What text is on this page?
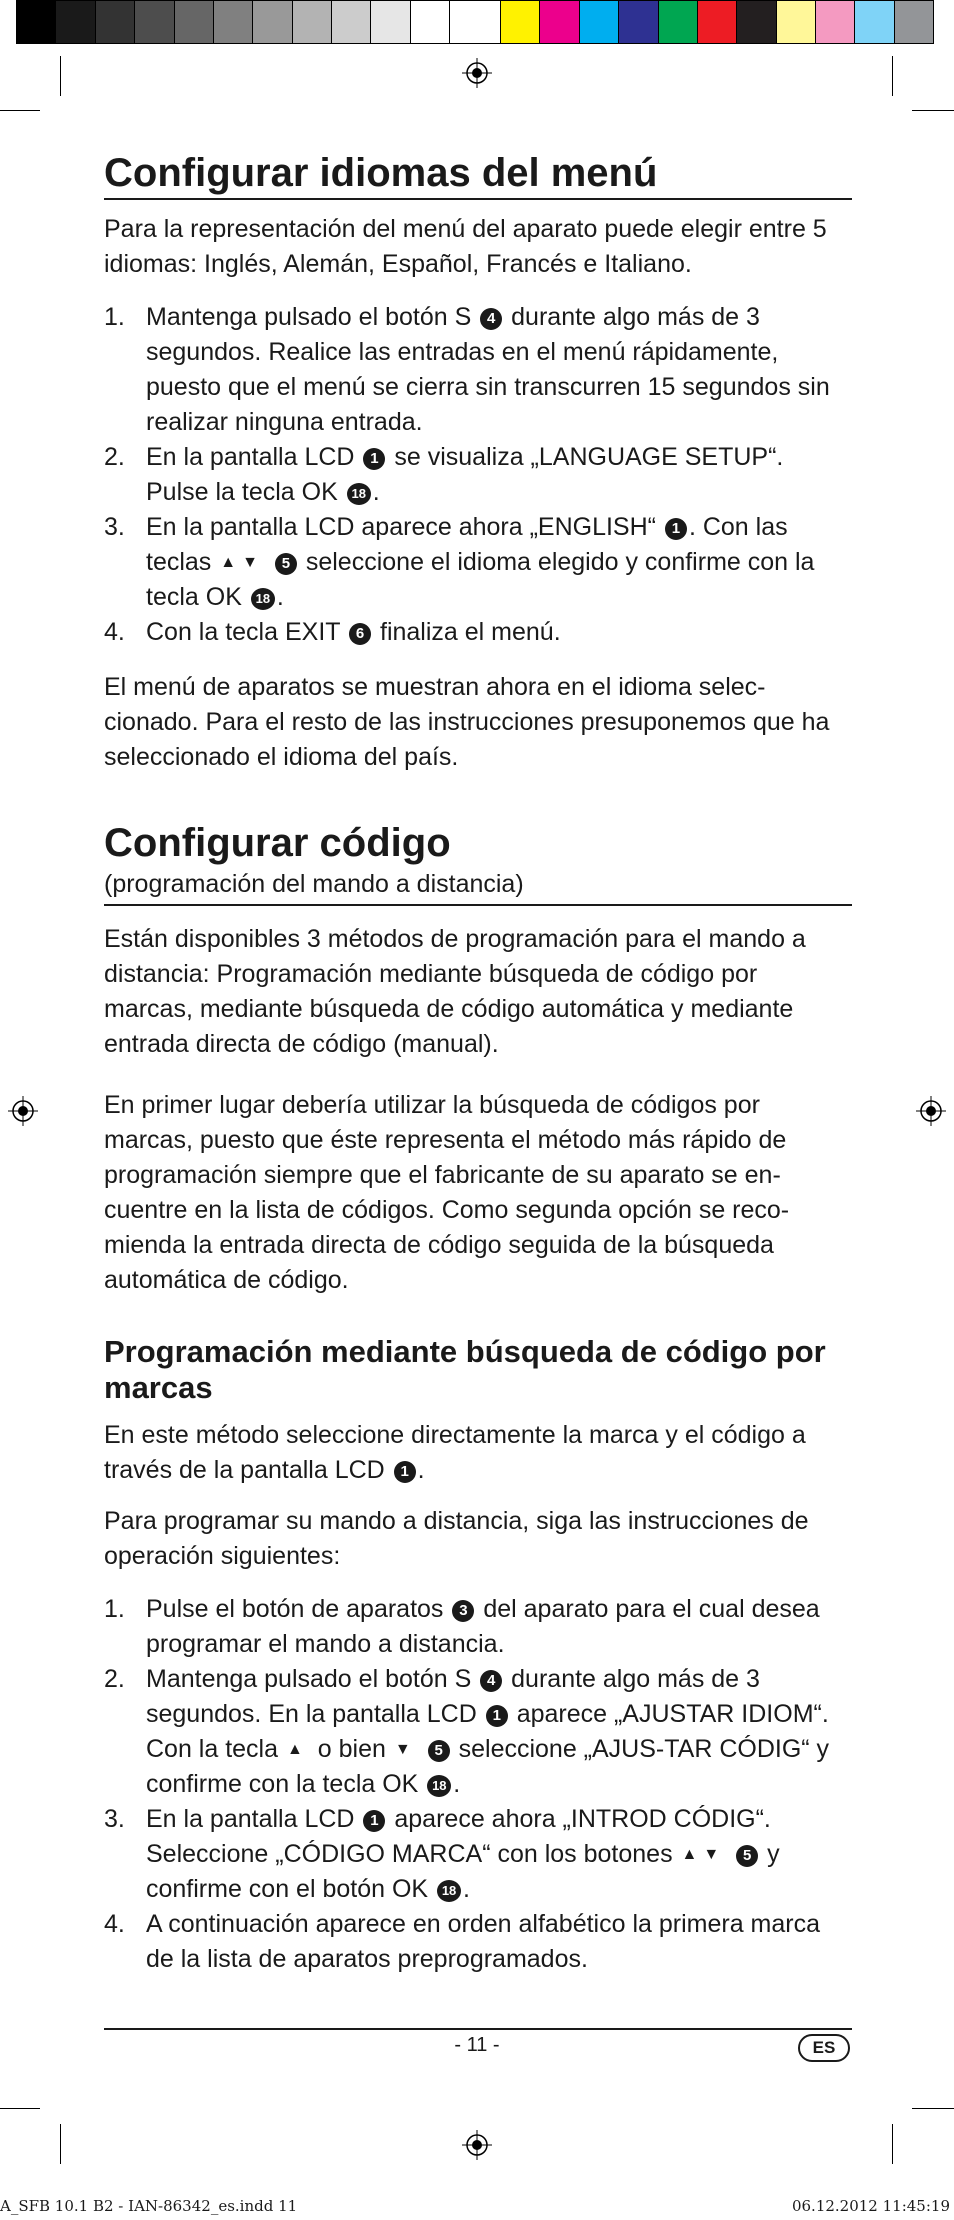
Configurar idiomas del menú

Para la representación del menú del aparato puede elegir entre 5 idiomas: Inglés, Alemán, Español, Francés e Italiano.

1. Mantenga pulsado el botón S 4 durante algo más de 3 segundos. Realice las entradas en el menú rápidamente, puesto que el menú se cierra sin transcurren 15 segundos sin realizar ninguna entrada.
2. En la pantalla LCD 1 se visualiza „LANGUAGE SETUP“. Pulse la tecla OK 18 .
3. En la pantalla LCD aparece ahora „ENGLISH“ 1 . Con las teclas ▲▼ 5 seleccione el idioma elegido y confirme con la tecla OK 18 .
4. Con la tecla EXIT 6 finaliza el menú.

El menú de aparatos se muestran ahora en el idioma selec-cionado. Para el resto de las instrucciones presuponemos que ha seleccionado el idioma del país.

Configurar código

(programación del mando a distancia)

Están disponibles 3 métodos de programación para el mando a distancia: Programación mediante búsqueda de código por marcas, mediante búsqueda de código automática y mediante entrada directa de código (manual).

En primer lugar debería utilizar la búsqueda de códigos por marcas, puesto que éste representa el método más rápido de programación siempre que el fabricante de su aparato se en-cuentre en la lista de códigos. Como segunda opción se reco-mienda la entrada directa de código seguida de la búsqueda automática de código.

Programación mediante búsqueda de código por marcas

En este método seleccione directamente la marca y el código a través de la pantalla LCD 1 .

Para programar su mando a distancia, siga las instrucciones de operación siguientes:

1. Pulse el botón de aparatos 3 del aparato para el cual desea programar el mando a distancia.
2. Mantenga pulsado el botón S 4 durante algo más de 3 segundos. En la pantalla LCD 1 aparece „AJUSTAR IDIOM“. Con la tecla ▲ o bien ▼ 5 seleccione „AJUS-TAR CÓDIG“ y confirme con la tecla OK 18 .
3. En la pantalla LCD 1 aparece ahora „INTROD CÓDIG“. Seleccione „CÓDIGO MARCA“ con los botones ▲▼ 5 y confirme con el botón OK 18 .
4. A continuación aparece en orden alfabético la primera marca de la lista de aparatos preprogramados.
- 11 -	ES
A_SFB 10.1 B2 - IAN-86342_es.indd 11	06.12.2012 11:45:19
